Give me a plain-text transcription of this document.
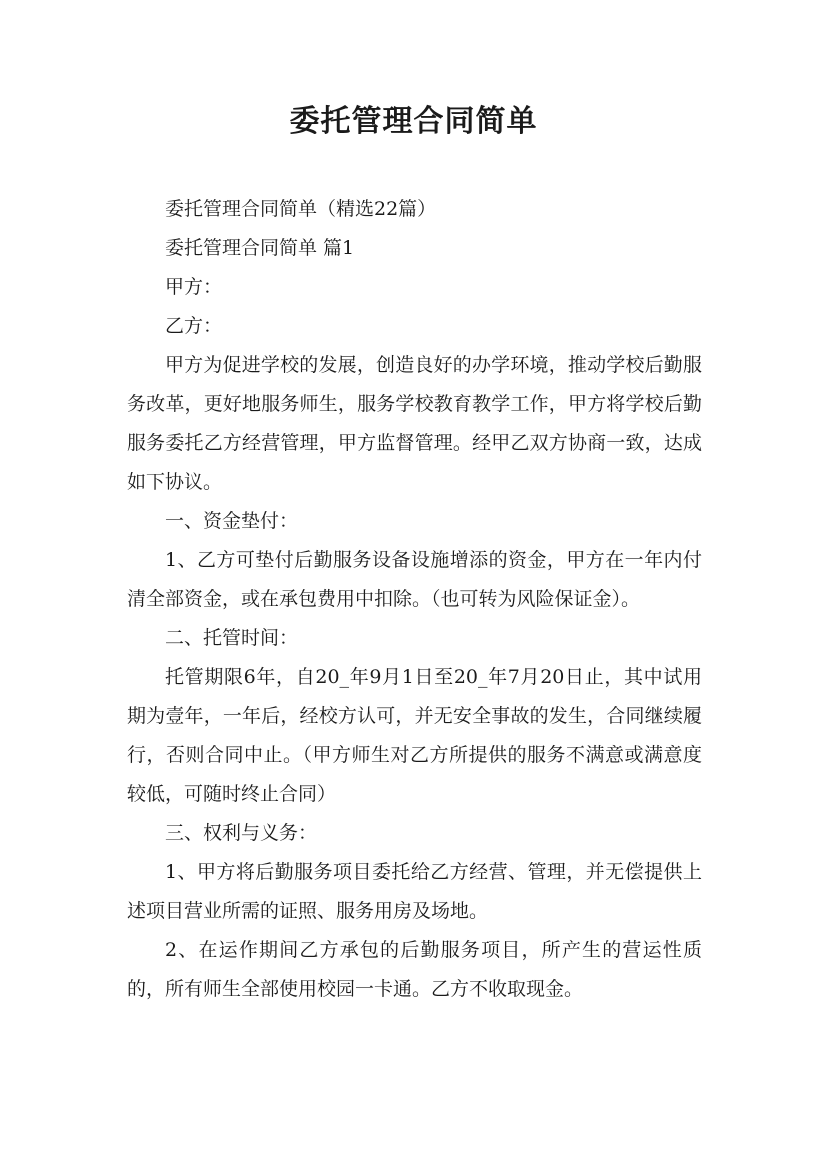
委托管理合同简单

委托管理合同简单（精选22篇）

委托管理合同简单 篇1

甲方：

乙方：

甲方为促进学校的发展，创造良好的办学环境，推动学校后勤服务改革，更好地服务师生，服务学校教育教学工作，甲方将学校后勤服务委托乙方经营管理，甲方监督管理。经甲乙双方协商一致，达成如下协议。

一、资金垫付：

1、乙方可垫付后勤服务设备设施增添的资金，甲方在一年内付清全部资金，或在承包费用中扣除。（也可转为风险保证金）。

二、托管时间：

托管期限6年，自20_年9月1日至20_年7月20日止，其中试用期为壹年，一年后，经校方认可，并无安全事故的发生，合同继续履行，否则合同中止。（甲方师生对乙方所提供的服务不满意或满意度较低，可随时终止合同）

三、权利与义务：

1、甲方将后勤服务项目委托给乙方经营、管理，并无偿提供上述项目营业所需的证照、服务用房及场地。

2、在运作期间乙方承包的后勤服务项目，所产生的营运性质的，所有师生全部使用校园一卡通。乙方不收取现金。
